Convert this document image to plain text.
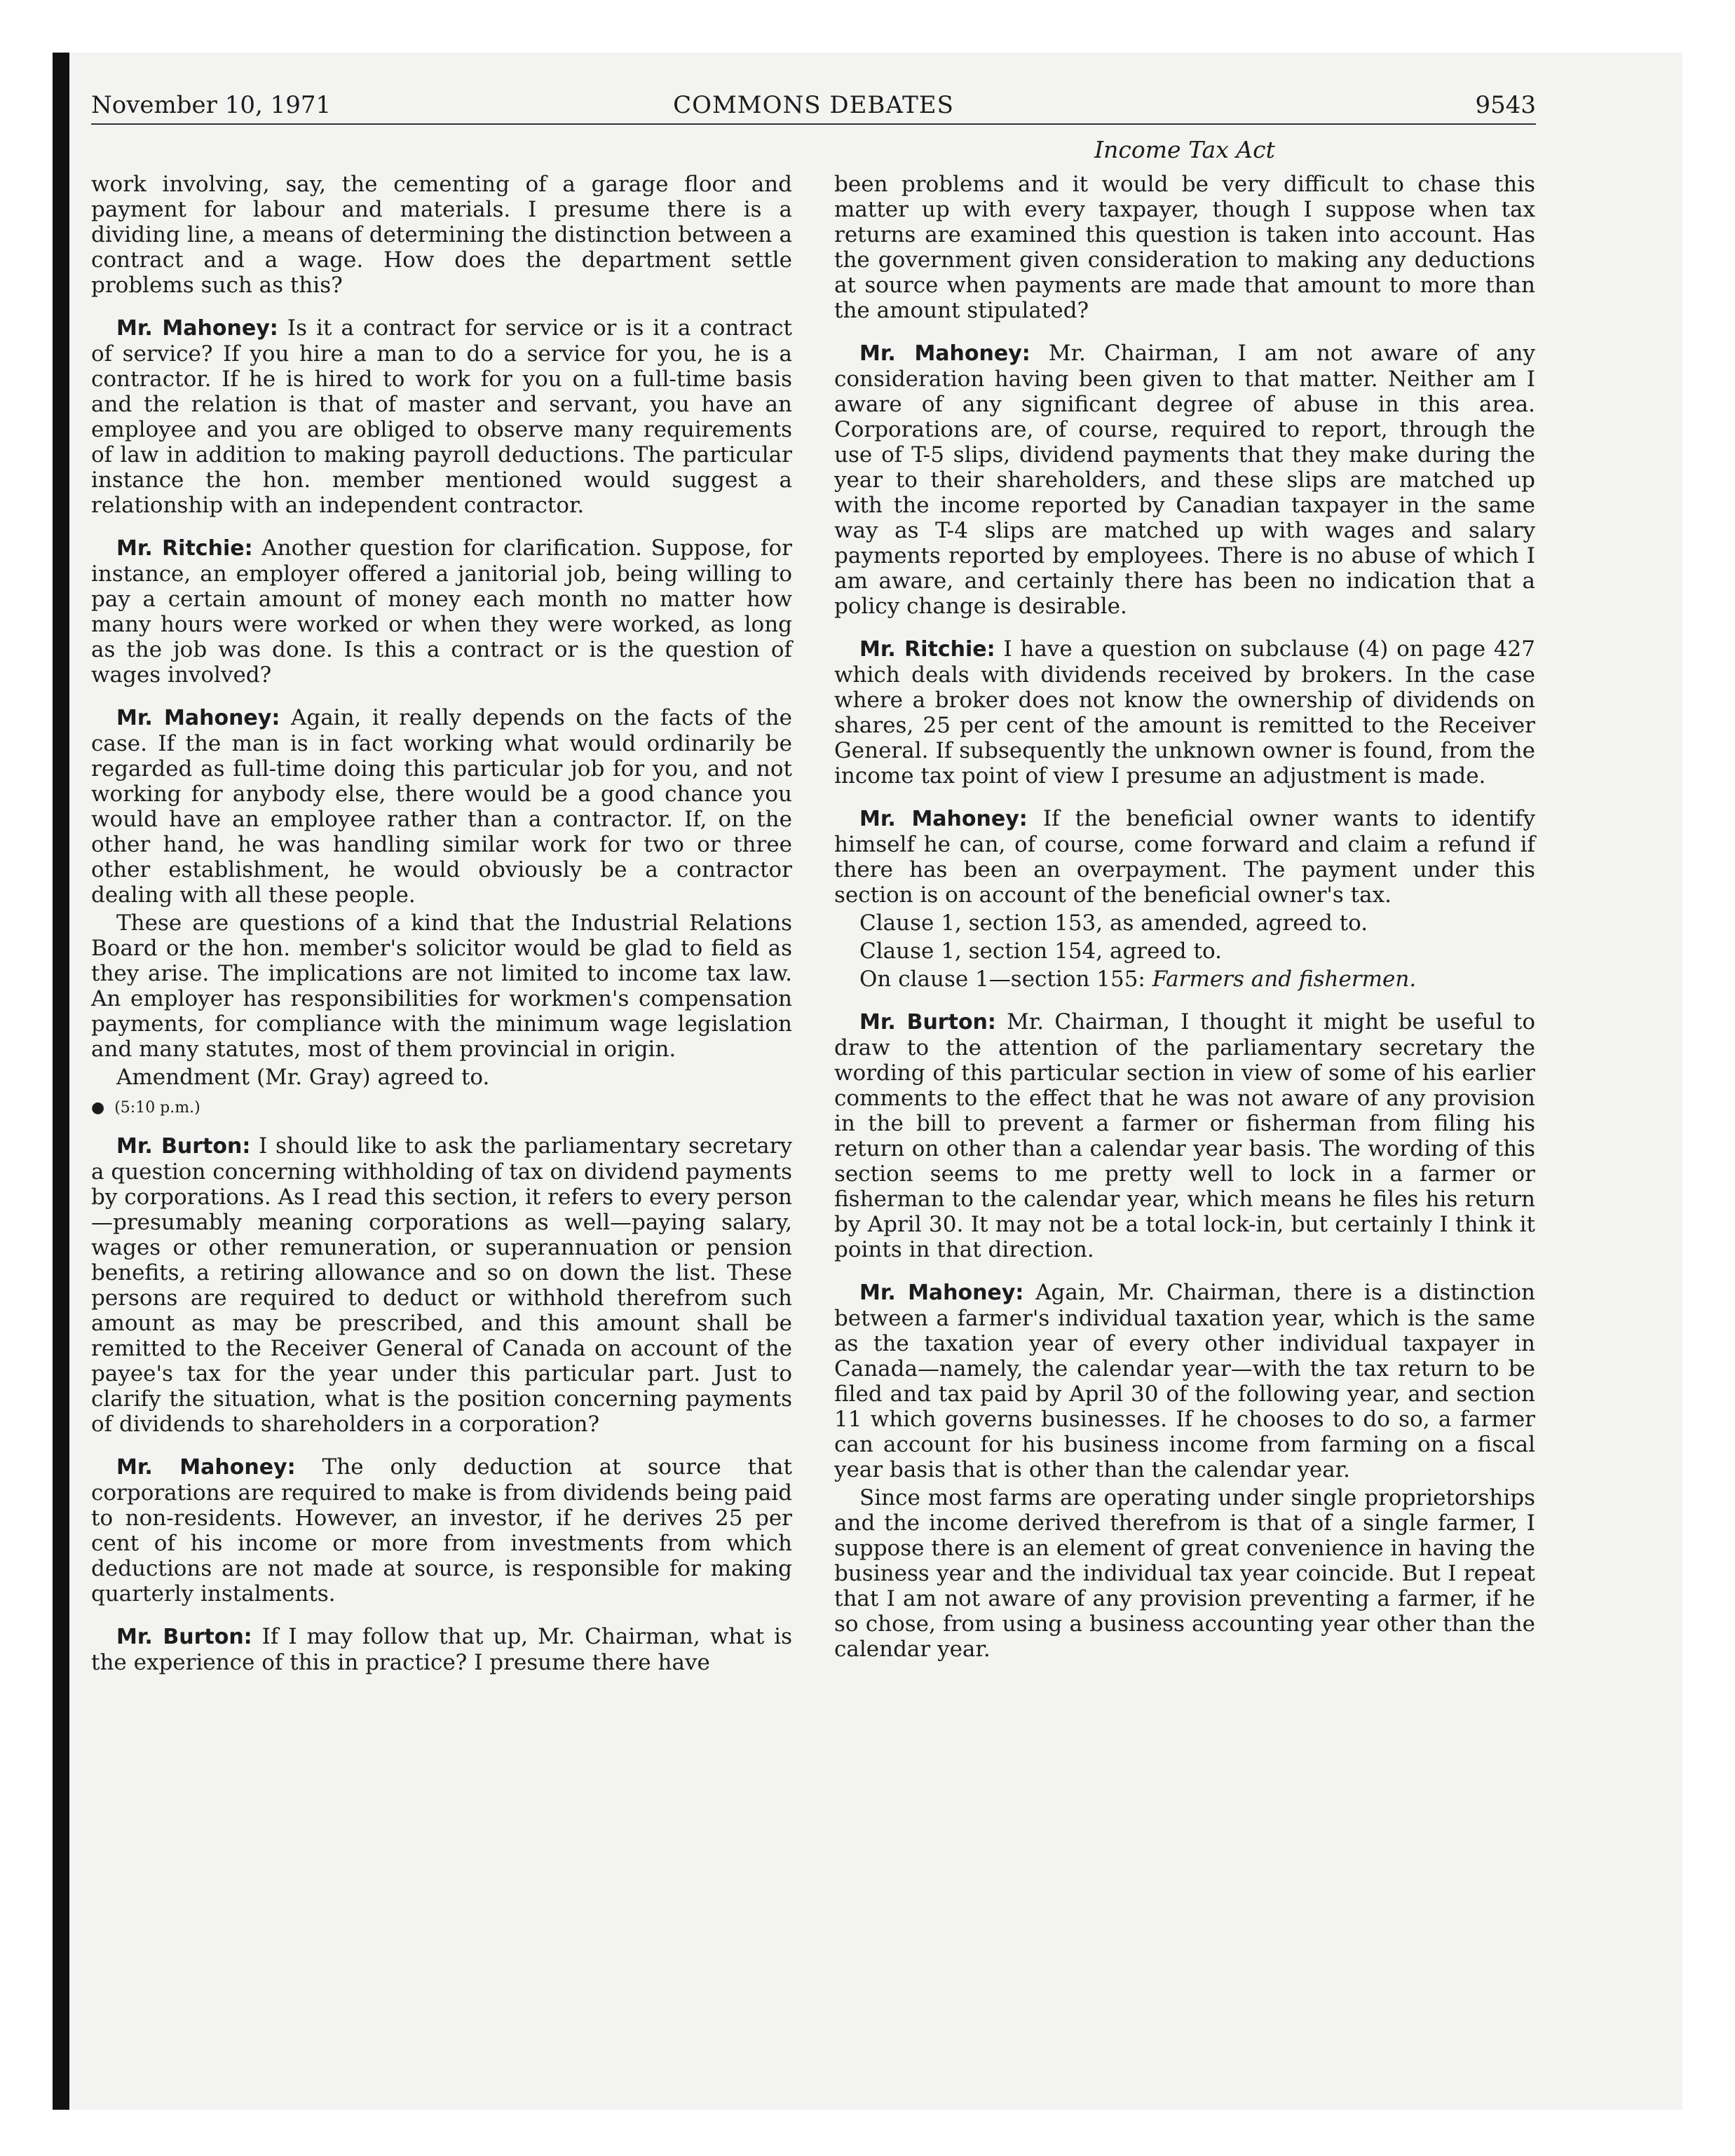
November 10, 1971	COMMONS DEBATES	9543
Income Tax Act

work involving, say, the cementing of a garage floor and payment for labour and materials. I presume there is a dividing line, a means of determining the distinction between a contract and a wage. How does the department settle problems such as this?

Mr. Mahoney: Is it a contract for service or is it a contract of service? If you hire a man to do a service for you, he is a contractor. If he is hired to work for you on a full-time basis and the relation is that of master and servant, you have an employee and you are obliged to observe many requirements of law in addition to making payroll deductions. The particular instance the hon. member mentioned would suggest a relationship with an independent contractor.

Mr. Ritchie: Another question for clarification. Suppose, for instance, an employer offered a janitorial job, being willing to pay a certain amount of money each month no matter how many hours were worked or when they were worked, as long as the job was done. Is this a contract or is the question of wages involved?

Mr. Mahoney: Again, it really depends on the facts of the case. If the man is in fact working what would ordinarily be regarded as full-time doing this particular job for you, and not working for anybody else, there would be a good chance you would have an employee rather than a contractor. If, on the other hand, he was handling similar work for two or three other establishment, he would obviously be a contractor dealing with all these people.

These are questions of a kind that the Industrial Relations Board or the hon. member's solicitor would be glad to field as they arise. The implications are not limited to income tax law. An employer has responsibilities for workmen's compensation payments, for compliance with the minimum wage legislation and many statutes, most of them provincial in origin.

Amendment (Mr. Gray) agreed to.

● (5:10 p.m.)

Mr. Burton: I should like to ask the parliamentary secretary a question concerning withholding of tax on dividend payments by corporations. As I read this section, it refers to every person—presumably meaning corporations as well—paying salary, wages or other remuneration, or superannuation or pension benefits, a retiring allowance and so on down the list. These persons are required to deduct or withhold therefrom such amount as may be prescribed, and this amount shall be remitted to the Receiver General of Canada on account of the payee's tax for the year under this particular part. Just to clarify the situation, what is the position concerning payments of dividends to shareholders in a corporation?

Mr. Mahoney: The only deduction at source that corporations are required to make is from dividends being paid to non-residents. However, an investor, if he derives 25 per cent of his income or more from investments from which deductions are not made at source, is responsible for making quarterly instalments.

Mr. Burton: If I may follow that up, Mr. Chairman, what is the experience of this in practice? I presume there have

been problems and it would be very difficult to chase this matter up with every taxpayer, though I suppose when tax returns are examined this question is taken into account. Has the government given consideration to making any deductions at source when payments are made that amount to more than the amount stipulated?

Mr. Mahoney: Mr. Chairman, I am not aware of any consideration having been given to that matter. Neither am I aware of any significant degree of abuse in this area. Corporations are, of course, required to report, through the use of T-5 slips, dividend payments that they make during the year to their shareholders, and these slips are matched up with the income reported by Canadian taxpayer in the same way as T-4 slips are matched up with wages and salary payments reported by employees. There is no abuse of which I am aware, and certainly there has been no indication that a policy change is desirable.

Mr. Ritchie: I have a question on subclause (4) on page 427 which deals with dividends received by brokers. In the case where a broker does not know the ownership of dividends on shares, 25 per cent of the amount is remitted to the Receiver General. If subsequently the unknown owner is found, from the income tax point of view I presume an adjustment is made.

Mr. Mahoney: If the beneficial owner wants to identify himself he can, of course, come forward and claim a refund if there has been an overpayment. The payment under this section is on account of the beneficial owner's tax.

Clause 1, section 153, as amended, agreed to.

Clause 1, section 154, agreed to.

On clause 1—section 155: Farmers and fishermen.

Mr. Burton: Mr. Chairman, I thought it might be useful to draw to the attention of the parliamentary secretary the wording of this particular section in view of some of his earlier comments to the effect that he was not aware of any provision in the bill to prevent a farmer or fisherman from filing his return on other than a calendar year basis. The wording of this section seems to me pretty well to lock in a farmer or fisherman to the calendar year, which means he files his return by April 30. It may not be a total lock-in, but certainly I think it points in that direction.

Mr. Mahoney: Again, Mr. Chairman, there is a distinction between a farmer's individual taxation year, which is the same as the taxation year of every other individual taxpayer in Canada—namely, the calendar year—with the tax return to be filed and tax paid by April 30 of the following year, and section 11 which governs businesses. If he chooses to do so, a farmer can account for his business income from farming on a fiscal year basis that is other than the calendar year.

Since most farms are operating under single proprietorships and the income derived therefrom is that of a single farmer, I suppose there is an element of great convenience in having the business year and the individual tax year coincide. But I repeat that I am not aware of any provision preventing a farmer, if he so chose, from using a business accounting year other than the calendar year.
